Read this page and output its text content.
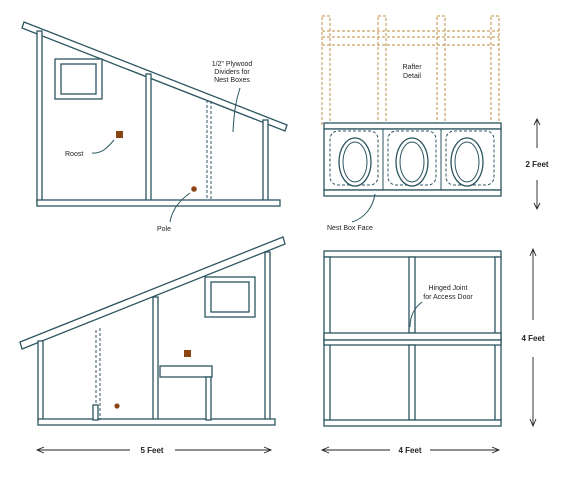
1/2" Plywood
Dividers for
Nest Boxes
Roost
Pole
Rafter
Detail
Nest Box Face
2 Feet
5 Feet
Hinged Joint
for Access Door
4 Feet
4 Feet
